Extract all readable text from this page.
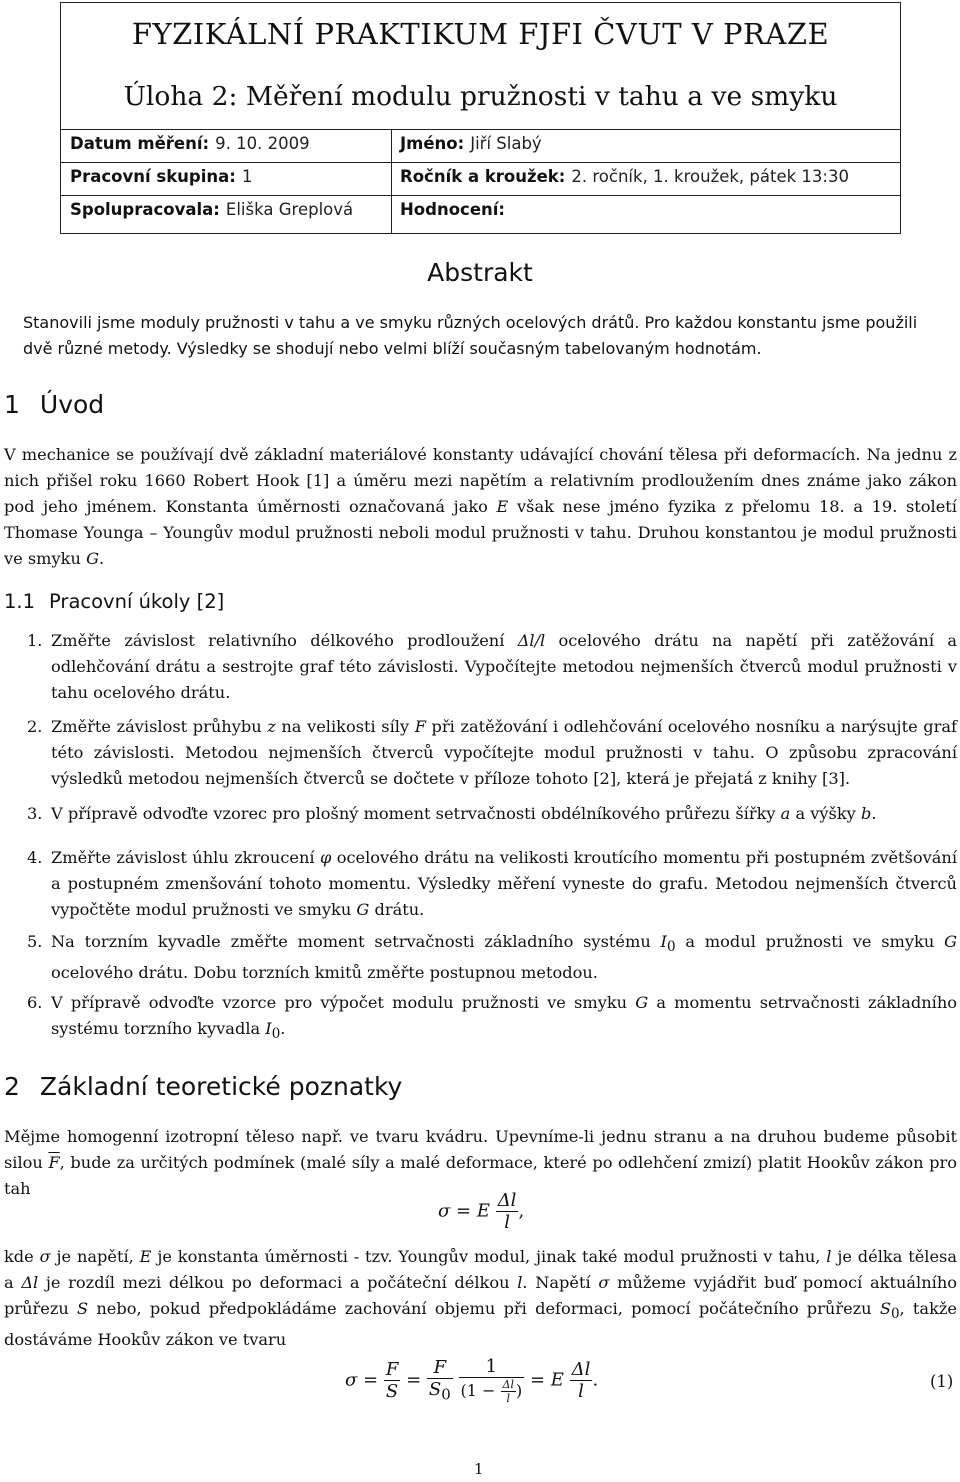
FYZIKÁLNÍ PRAKTIKUM FJFI ČVUT V PRAZE
Úloha 2: Měření modulu pružnosti v tahu a ve smyku
Datum měření: 9. 10. 2009	Jméno: Jiří Slabý
Pracovní skupina: 1	Ročník a kroužek: 2. ročník, 1. kroužek, pátek 13:30
Spolupracovala: Eliška Greplová	Hodnocení:
Abstrakt
Stanovili jsme moduly pružnosti v tahu a ve smyku různých ocelových drátů. Pro každou konstantu jsme použili dvě různé metody. Výsledky se shodují nebo velmi blíží současným tabelovaným hodnotám.
1 Úvod
V mechanice se používají dvě základní materiálové konstanty udávající chování tělesa při deformacích. Na jednu z nich přišel roku 1660 Robert Hook [1] a úměru mezi napětím a relativním prodloužením dnes známe jako zákon pod jeho jménem. Konstanta úměrnosti označovaná jako E však nese jméno fyzika z přelomu 18. a 19. století Thomase Younga – Youngův modul pružnosti neboli modul pružnosti v tahu. Druhou konstantou je modul pružnosti ve smyku G.
1.1 Pracovní úkoly [2]
1. Změřte závislost relativního délkového prodloužení Δl/l ocelového drátu na napětí při zatěžování a odlehčování drátu a sestrojte graf této závislosti. Vypočítejte metodou nejmenších čtverců modul pružnosti v tahu ocelového drátu.
2. Změřte závislost průhybu z na velikosti síly F při zatěžování i odlehčování ocelového nosníku a narýsujte graf této závislosti. Metodou nejmenších čtverců vypočítejte modul pružnosti v tahu. O způsobu zpracování výsledků metodou nejmenších čtverců se dočtete v příloze tohoto [2], která je přejatá z knihy [3].
3. V přípravě odvoďte vzorec pro plošný moment setrvačnosti obdélníkového průřezu šířky a a výšky b.
4. Změřte závislost úhlu zkroucení φ ocelového drátu na velikosti kroutícího momentu při postupném zvětšování a postupném zmenšování tohoto momentu. Výsledky měření vyneste do grafu. Metodou nejmenších čtverců vypočtěte modul pružnosti ve smyku G drátu.
5. Na torzním kyvadle změřte moment setrvačnosti základního systému $I_0$ a modul pružnosti ve smyku G ocelového drátu. Dobu torzních kmitů změřte postupnou metodou.
6. V přípravě odvoďte vzorce pro výpočet modulu pružnosti ve smyku G a momentu setrvačnosti základního systému torzního kyvadla $I_0$.
2 Základní teoretické poznatky
Mějme homogenní izotropní těleso např. ve tvaru kvádru. Upevníme-li jednu stranu a na druhou budeme působit silou $\overline{F}$, bude za určitých podmínek (malé síly a malé deformace, které po odlehčení zmizí) platit Hookův zákon pro tah
σ = E $\frac{\Delta l}{l}$ ,
kde σ je napětí, E je konstanta úměrnosti - tzv. Youngův modul, jinak také modul pružnosti v tahu, l je délka tělesa a Δl je rozdíl mezi délkou po deformaci a počáteční délkou l. Napětí σ můžeme vyjádřit buď pomocí aktuálního průřezu S nebo, pokud předpokládáme zachování objemu při deformaci, pomocí počátečního průřezu $S_0$, takže dostáváme Hookův zákon ve tvaru
$\sigma = \frac{F}{S} = \frac{F}{S_0}$
$\frac{1}{(1 - \frac{\Delta l}{l} )} = E \frac{\Delta l}{l}$ .	(1)
1
